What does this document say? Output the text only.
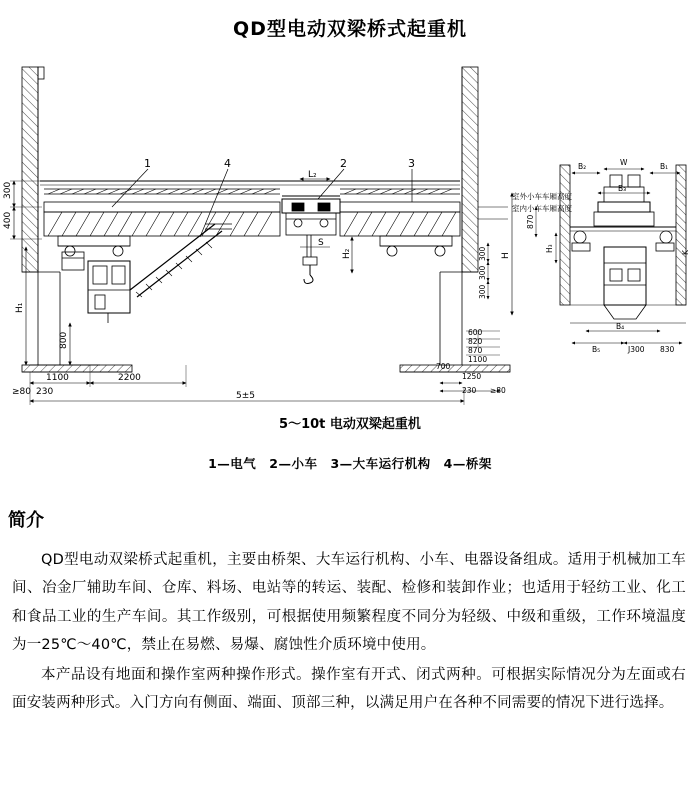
QD型电动双梁桥式起重机
1	4	2	3
300
400
H₁
800
1100	2200
≥80 230	5±5
L₂
H₂
S
300
300
300
H
870
室外小车车厢高度
室内小车车厢高度
600
820
870
1100
700
1250
230 ≥80
B₂	W	B₁
B₃
H₃
B₄
B₅	J300 830
K
5～10t 电动双梁起重机
1—电气　2—小车　3—大车运行机构　4—桥架
简介

QD型电动双梁桥式起重机，主要由桥架、大车运行机构、小车、电器设备组成。适用于机械加工车间、冶金厂辅助车间、仓库、料场、电站等的转运、装配、检修和装卸作业；也适用于轻纺工业、化工和食品工业的生产车间。其工作级别，可根据使用频繁程度不同分为轻级、中级和重级，工作环境温度为一25℃～40℃，禁止在易燃、易爆、腐蚀性介质环境中使用。

本产品设有地面和操作室两种操作形式。操作室有开式、闭式两种。可根据实际情况分为左面或右面安装两种形式。入门方向有侧面、端面、顶部三种，以满足用户在各种不同需要的情况下进行选择。
